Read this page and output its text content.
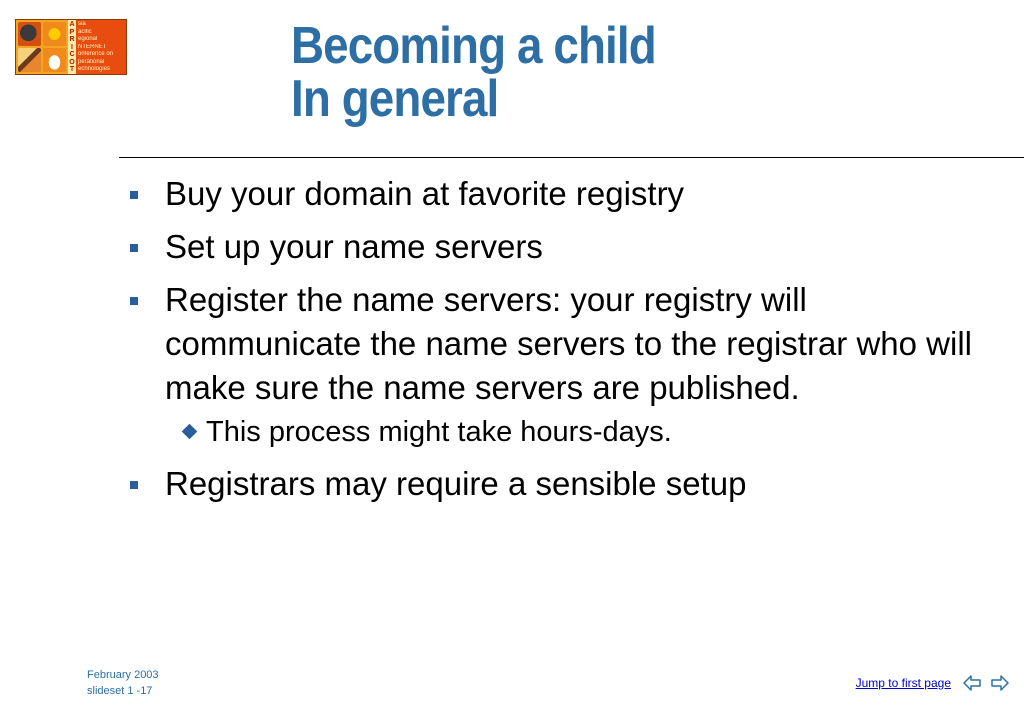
A
P
R
I
C
O
T
sia
acific
egional
NTERNET
onference on
perational
echnologies	Becoming a child
In general
Buy your domain at favorite registry
Set up your name servers
Register the name servers: your registry will communicate the name servers to the registrar who will make sure the name servers are published.
This process might take hours-days.
Registrars may require a sensible setup
February 2003
slideset 1 -17
Jump to first page
